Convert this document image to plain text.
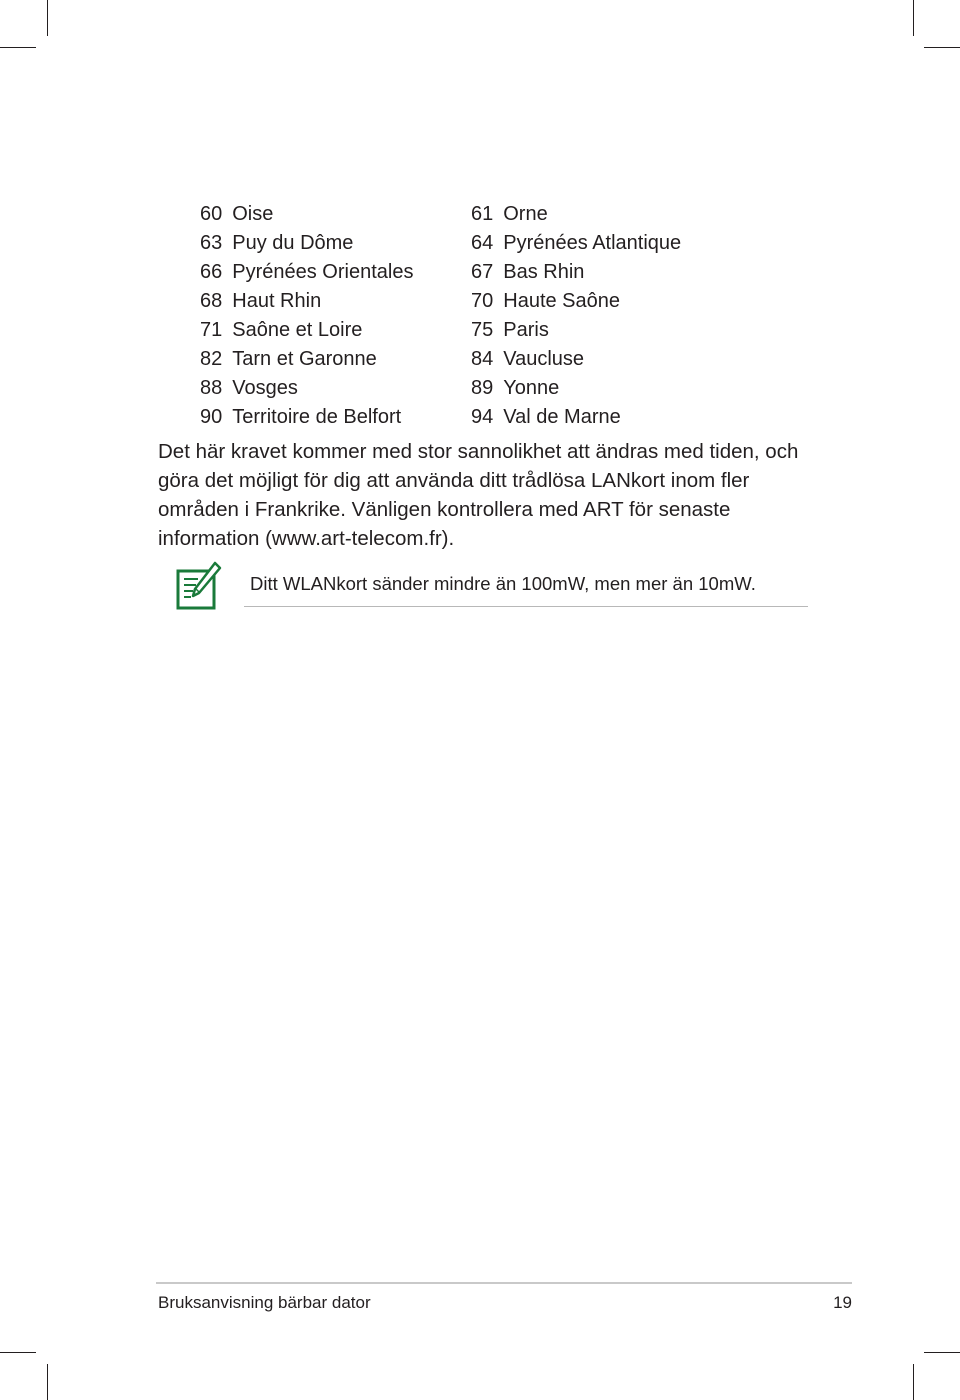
60 Oise	61 Orne
63 Puy du Dôme	64 Pyrénées Atlantique
66 Pyrénées Orientales	67 Bas Rhin
68 Haut Rhin	70 Haute Saône
71 Saône et Loire	75 Paris
82 Tarn et Garonne	84 Vaucluse
88 Vosges	89 Yonne
90 Territoire de Belfort	94 Val de Marne

Det här kravet kommer med stor sannolikhet att ändras med tiden, och göra det möjligt för dig att använda ditt trådlösa LANkort inom fler områden i Frankrike. Vänligen kontrollera med ART för senaste information (www.art-telecom.fr).

Ditt WLANkort sänder mindre än 100mW, men mer än 10mW.
Bruksanvisning bärbar dator	19
